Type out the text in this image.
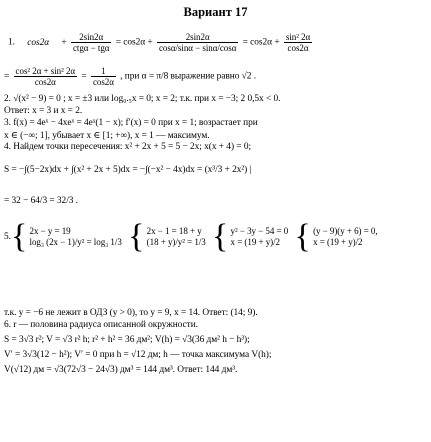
Вариант 17
1. $\cos 2\alpha + \frac{2\sin 2\alpha}{\text{ctgα − tgα}} = \cos 2\alpha + \frac{2\sin 2\alpha}{\cos\alpha/\sin\alpha - \sin\alpha/\cos\alpha} = \cos 2\alpha + \frac{\text{sin² 2α}}{\cos 2\alpha}$
= $\frac{\text{cos² 2α + sin² 2α}}{\cos 2\alpha} = \frac{1}{\cos 2\alpha}$ , при α = π/8 выражение равно √2 .
2. √(x² − 9) = 0 ; x = ±3 или log₀.₅x = 0; x = 2; т.к. при x = −3; 2 0,5x < 0.
Ответ: x = 3 и x = 2.
3. f(x) = 4eˣ − 4xeˣ = 4eˣ(1 − x); f′(x) = 0 при x = 1; возрастает при
x ∈ (−∞; 1], убывает x ∈ [1; +∞), x = 1 — максимум.
4. Найдем точки пересечения: x² + 2x + 5 = 5 − 2x; x(x + 4) = 0;
S = −∫(5−2x)dx + ∫(x² + 2x + 5)dx = −∫(−x² − 4x)dx = (x³/3 + 2x²) |
= 32 − 64/3 = 32/3 .
5.{ 2x − y = 19
log₃ (2x − 1)/y² = log₃ 1/3 { 2x − 1 = 18 + y
(18 + y)/y² = 1/3 { y² − 3y − 54 = 0
x = (19 + y)/2 { (y − 9)(y + 6) = 0,
x = (19 + y)/2
т.к. y = −6 не лежит в ОДЗ (y > 0), то y = 9, x = 14. Ответ: (14; 9).
6. r — половина радиуса описанной окружности.
S = 3√3 r²; V = √3 r² h; r² + h² = 36 дм²; V(h) = √3(36 дм² h − h³);
V′ = 3√3(12 − h²); V′ = 0 при h = √12 дм; h — точка максимума V(h);
V(√12) дм = √3(72√3 − 24√3) дм³ = 144 дм³. Ответ: 144 дм³.
